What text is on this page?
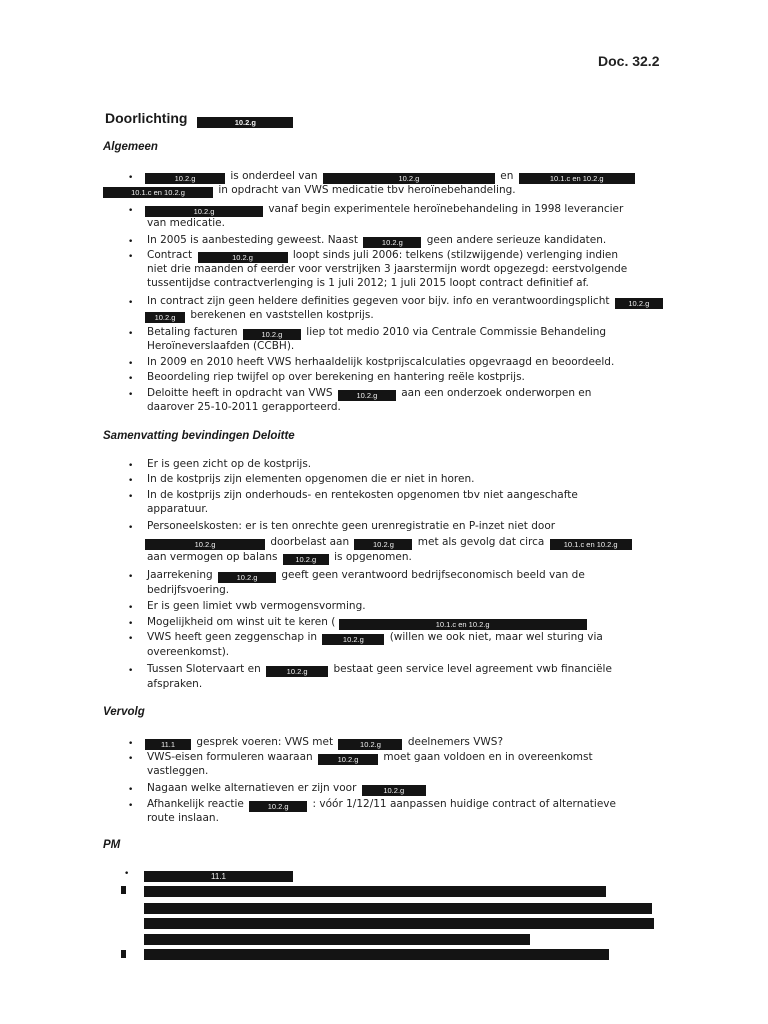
Doc. 32.2
Doorlichting	10.2.g
Algemeen
•	10.2.g	is onderdeel van	10.2.g	en	10.1.c en 10.2.g
10.1.c en 10.2.g	in opdracht van VWS medicatie tbv heroïnebehandeling.
•	10.2.g	vanaf begin experimentele heroïnebehandeling in 1998 leverancier
van medicatie.
• In 2005 is aanbesteding geweest. Naast	10.2.g geen andere serieuze kandidaten.
• Contract	10.2.g	loopt sinds juli 2006: telkens (stilzwijgende) verlenging indien
niet drie maanden of eerder voor verstrijken 3 jaarstermijn wordt opgezegd: eerstvolgende
tussentijdse contractverlenging is 1 juli 2012; 1 juli 2015 loopt contract definitief af.
• In contract zijn geen heldere definities gegeven voor bijv. info en verantwoordingsplicht	10.2.g
10.2.g berekenen en vaststellen kostprijs.
• Betaling facturen	10.2.g liep tot medio 2010 via Centrale Commissie Behandeling
Heroïneverslaafden (CCBH).
• In 2009 en 2010 heeft VWS herhaaldelijk kostprijscalculaties opgevraagd en beoordeeld.
• Beoordeling riep twijfel op over berekening en hantering reële kostprijs.
• Deloitte heeft in opdracht van VWS	10.2.g aan een onderzoek onderworpen en
daarover 25-10-2011 gerapporteerd.
Samenvatting bevindingen Deloitte
• Er is geen zicht op de kostprijs.
• In de kostprijs zijn elementen opgenomen die er niet in horen.
• In de kostprijs zijn onderhouds- en rentekosten opgenomen tbv niet aangeschafte
apparatuur.
• Personeelskosten: er is ten onrechte geen urenregistratie en P-inzet niet door
10.2.g	doorbelast aan	10.2.g met als gevolg dat circa	10.1.c en 10.2.g
aan vermogen op balans 10.2.g is opgenomen.
• Jaarrekening	10.2.g geeft geen verantwoord bedrijfseconomisch beeld van de
bedrijfsvoering.
• Er is geen limiet vwb vermogensvorming.
• Mogelijkheid om winst uit te keren (	10.1.c en 10.2.g
• VWS heeft geen zeggenschap in	10.2.g (willen we ook niet, maar wel sturing via
overeenkomst).
• Tussen Slotervaart en	10.2.g bestaat geen service level agreement vwb financiële
afspraken.
Vervolg
•	11.1 gesprek voeren: VWS met	10.2.g	deelnemers VWS?
• VWS-eisen formuleren waaraan	10.2.g moet gaan voldoen en in overeenkomst
vastleggen.
• Nagaan welke alternatieven er zijn voor	10.2.g
• Afhankelijk reactie	10.2.g : vóór 1/12/11 aanpassen huidige contract of alternatieve
route inslaan.
PM
•	11.1
